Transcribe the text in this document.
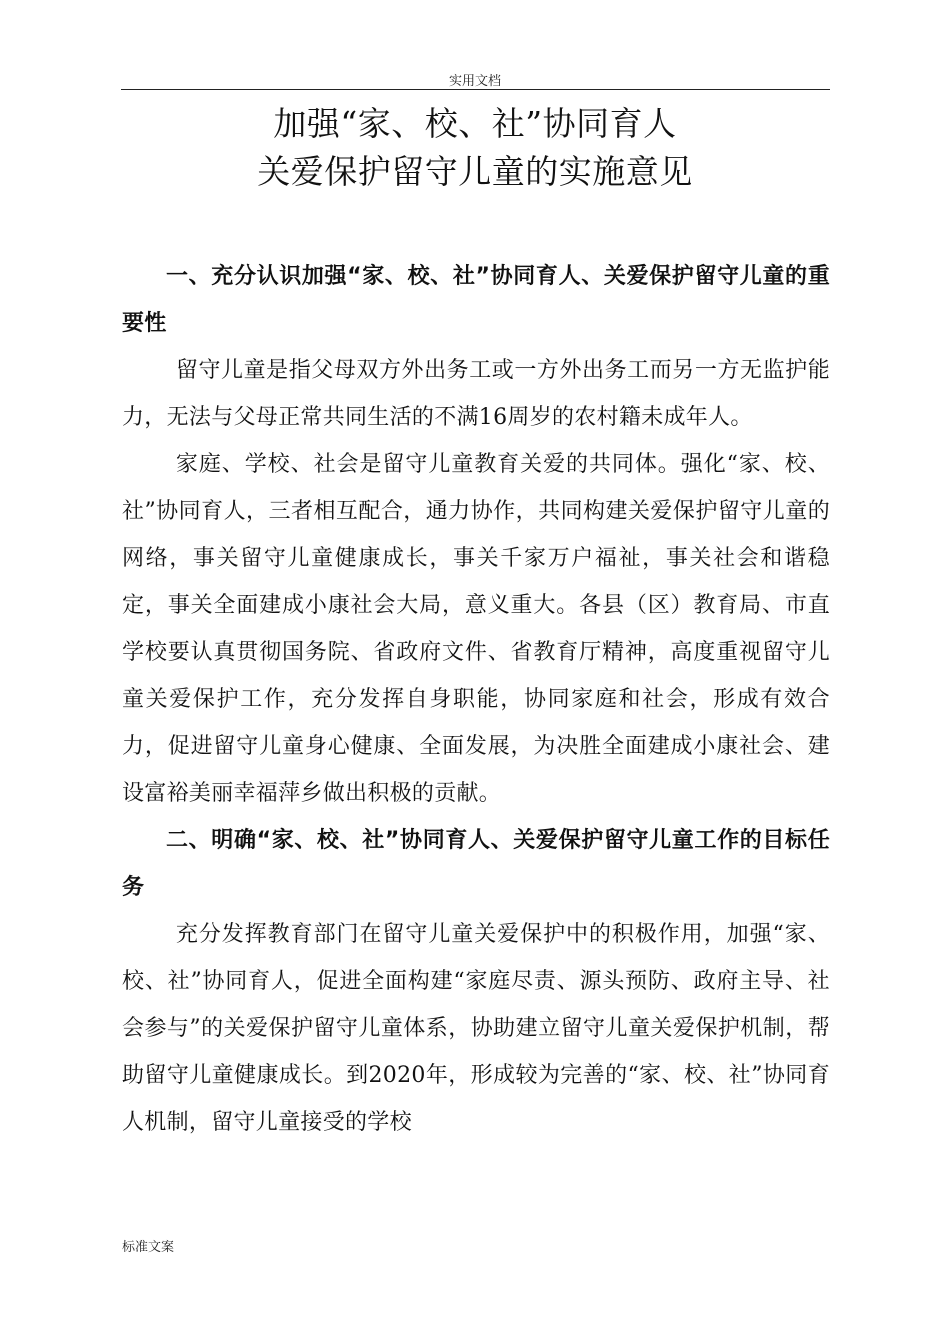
实用文档
加强“家、校、社”协同育人
关爱保护留守儿童的实施意见

一、充分认识加强“家、校、社”协同育人、关爱保护留守儿童的重要性

留守儿童是指父母双方外出务工或一方外出务工而另一方无监护能力，无法与父母正常共同生活的不满16周岁的农村籍未成年人。

家庭、学校、社会是留守儿童教育关爱的共同体。强化“家、校、社”协同育人，三者相互配合，通力协作，共同构建关爱保护留守儿童的网络，事关留守儿童健康成长，事关千家万户福祉，事关社会和谐稳定，事关全面建成小康社会大局，意义重大。各县（区）教育局、市直学校要认真贯彻国务院、省政府文件、省教育厅精神，高度重视留守儿童关爱保护工作，充分发挥自身职能，协同家庭和社会，形成有效合力，促进留守儿童身心健康、全面发展，为决胜全面建成小康社会、建设富裕美丽幸福萍乡做出积极的贡献。

二、明确“家、校、社”协同育人、关爱保护留守儿童工作的目标任务

充分发挥教育部门在留守儿童关爱保护中的积极作用，加强“家、校、社”协同育人，促进全面构建“家庭尽责、源头预防、政府主导、社会参与”的关爱保护留守儿童体系，协助建立留守儿童关爱保护机制，帮助留守儿童健康成长。到2020年，形成较为完善的“家、校、社”协同育人机制，留守儿童接受的学校

标准文案
